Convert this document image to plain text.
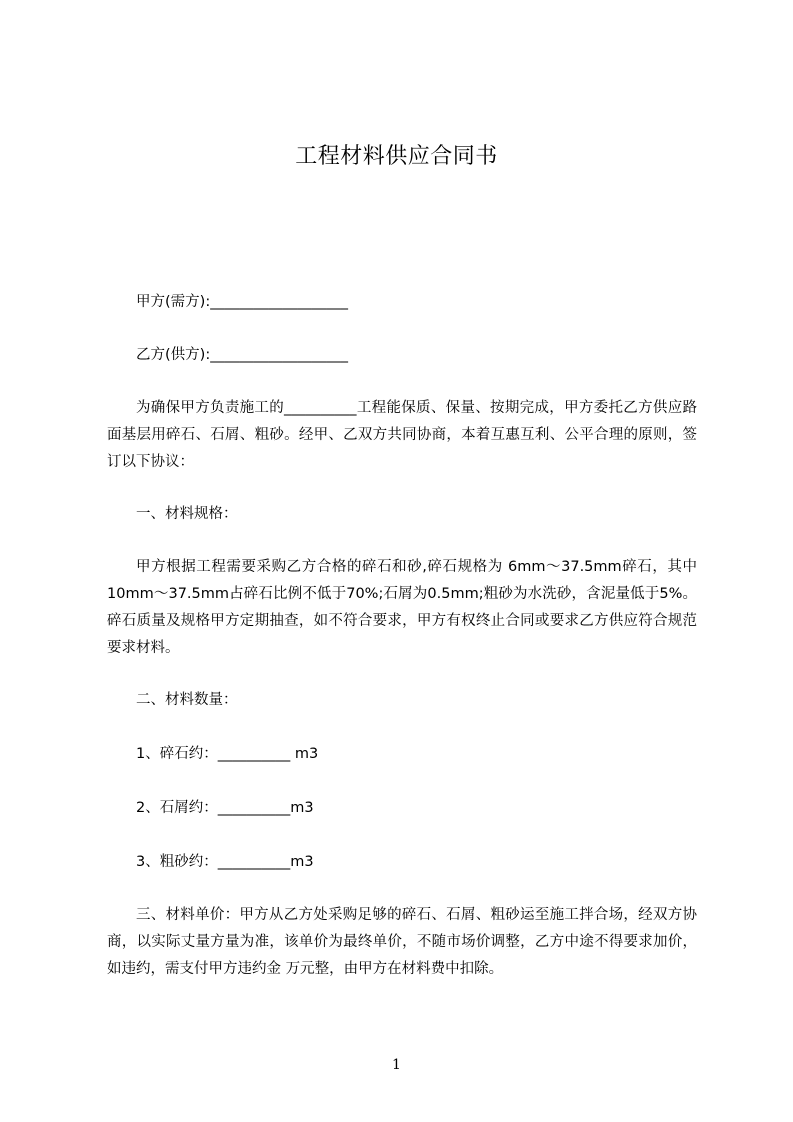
工程材料供应合同书
甲方(需方):___________________
乙方(供方):___________________
为确保甲方负责施工的__________工程能保质、保量、按期完成，甲方委托乙方供应路面基层用碎石、石屑、粗砂。经甲、乙双方共同协商，本着互惠互利、公平合理的原则，签订以下协议：
一、材料规格：
甲方根据工程需要采购乙方合格的碎石和砂,碎石规格为 6mm～37.5mm碎石，其中10mm～37.5mm占碎石比例不低于70%;石屑为0.5mm;粗砂为水洗砂，含泥量低于5%。碎石质量及规格甲方定期抽查，如不符合要求，甲方有权终止合同或要求乙方供应符合规范要求材料。
二、材料数量：
1、碎石约：__________ m3
2、石屑约：__________m3
3、粗砂约：__________m3
三、材料单价：甲方从乙方处采购足够的碎石、石屑、粗砂运至施工拌合场，经双方协商，以实际丈量方量为准，该单价为最终单价，不随市场价调整，乙方中途不得要求加价，如违约，需支付甲方违约金 万元整，由甲方在材料费中扣除。
1
